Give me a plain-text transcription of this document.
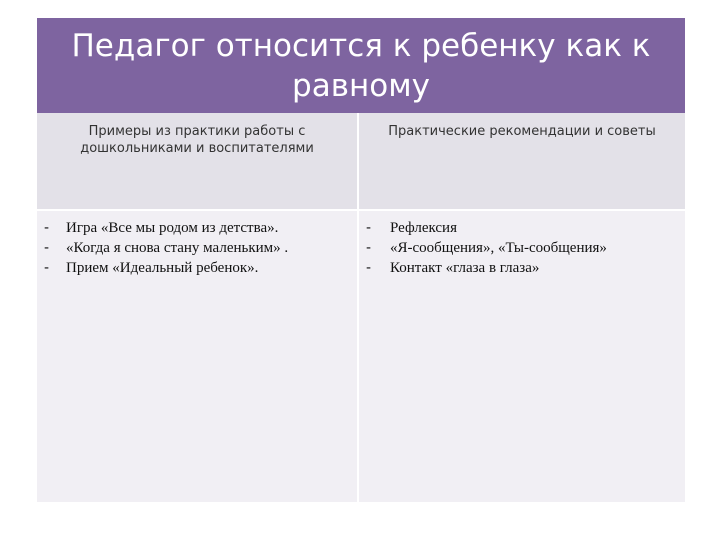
Педагог относится к ребенку как к равному
Примеры из практики работы с дошкольниками и воспитателями
Практические рекомендации и советы
- Игра «Все мы родом из детства».
- «Когда я снова стану маленьким» .
- Прием «Идеальный ребенок».
- Рефлексия
- «Я-сообщения», «Ты-сообщения»
- Контакт «глаза в глаза»
